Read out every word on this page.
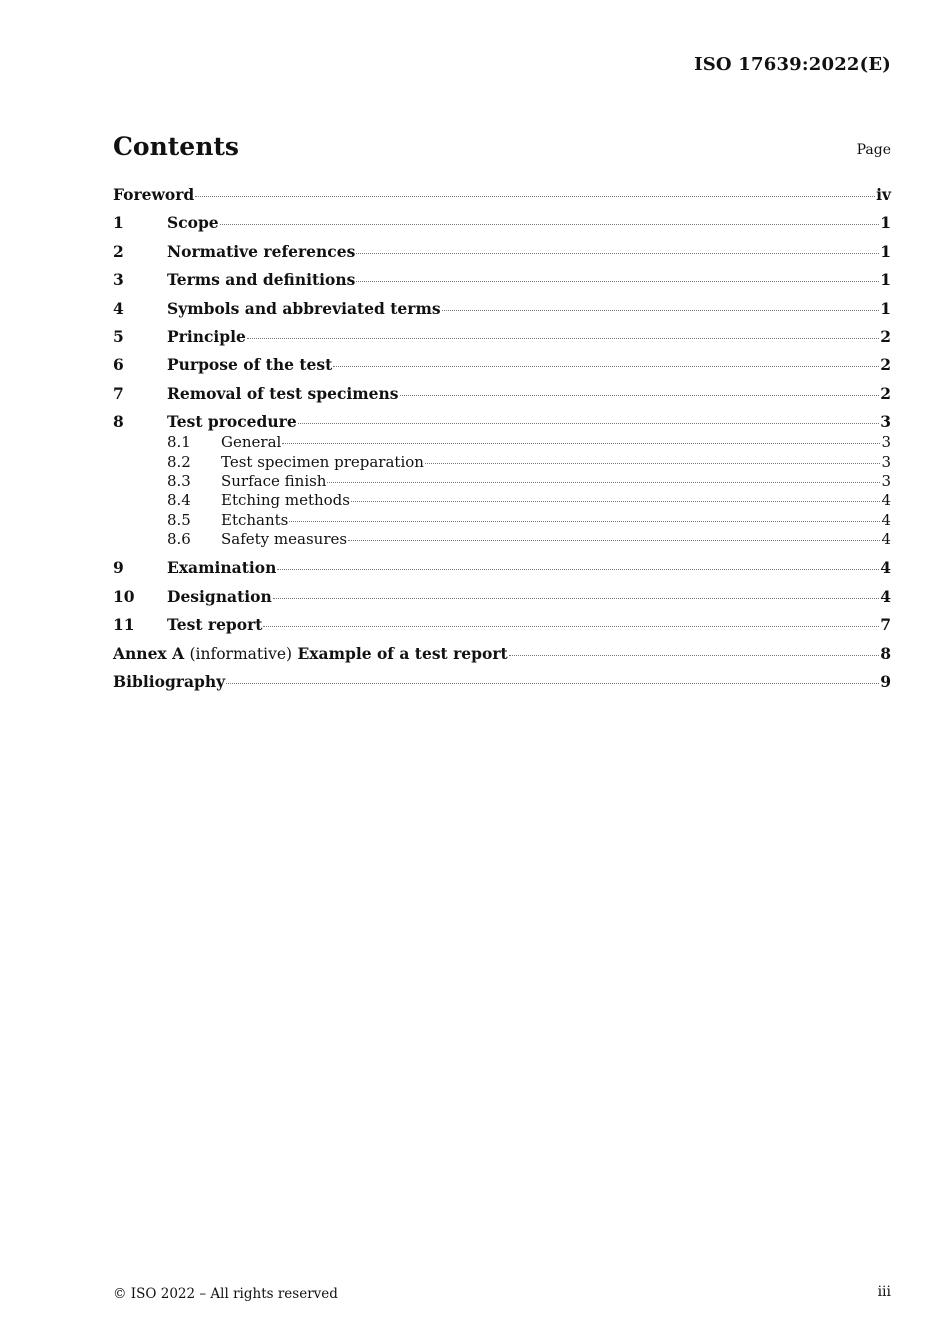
ISO 17639:2022(E)
Contents	Page
Foreword	iv
1	Scope	1
2	Normative references	1
3	Terms and definitions	1
4	Symbols and abbreviated terms	1
5	Principle	2
6	Purpose of the test	2
7	Removal of test specimens	2
8	Test procedure	3
8.1	General	3
8.2	Test specimen preparation	3
8.3	Surface finish	3
8.4	Etching methods	4
8.5	Etchants	4
8.6	Safety measures	4
9	Examination	4
10	Designation	4
11	Test report	7
Annex A (informative) Example of a test report	8
Bibliography	9
© ISO 2022 – All rights reserved	iii
